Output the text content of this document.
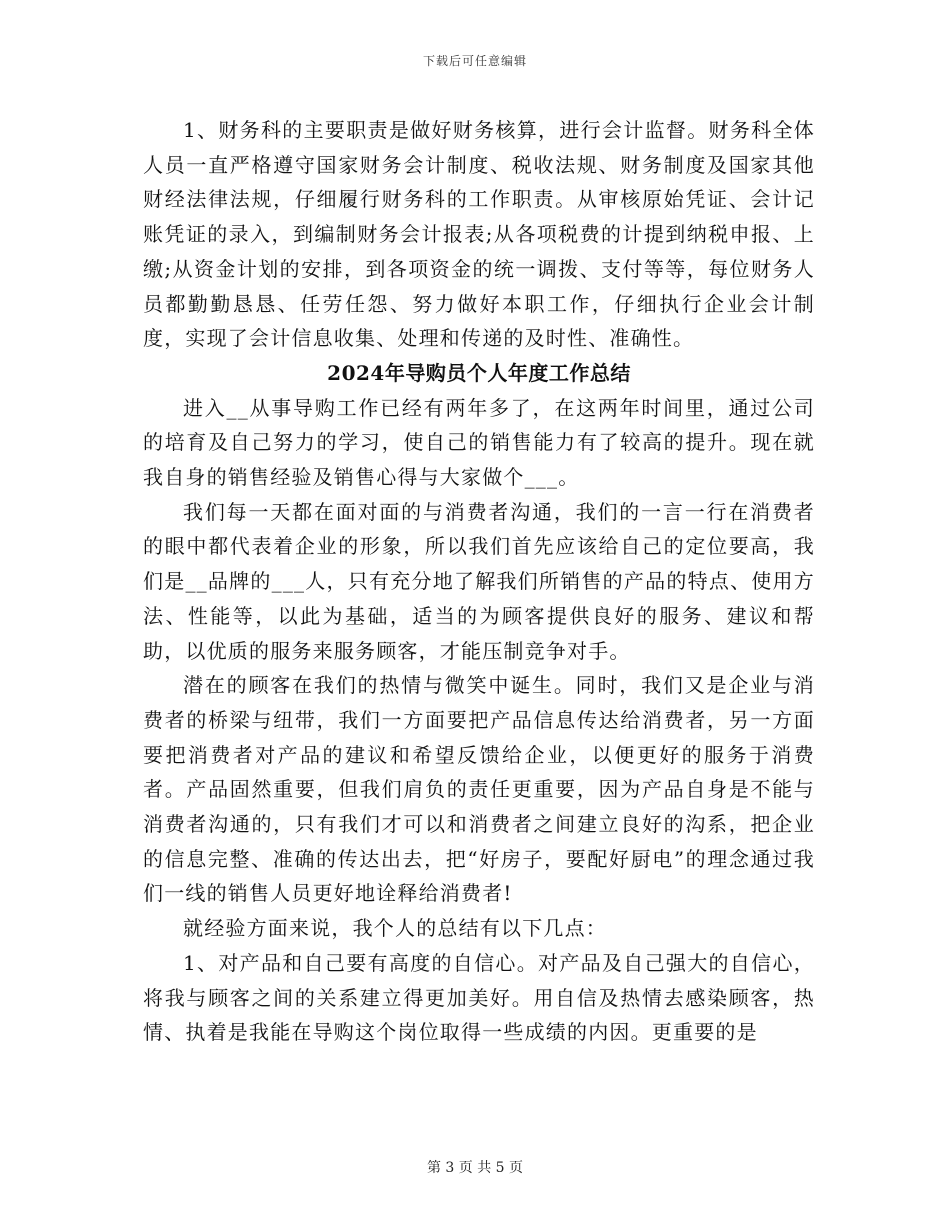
下载后可任意编辑

1、财务科的主要职责是做好财务核算，进行会计监督。财务科全体人员一直严格遵守国家财务会计制度、税收法规、财务制度及国家其他财经法律法规，仔细履行财务科的工作职责。从审核原始凭证、会计记账凭证的录入，到编制财务会计报表;从各项税费的计提到纳税申报、上缴;从资金计划的安排，到各项资金的统一调拨、支付等等，每位财务人员都勤勤恳恳、任劳任怨、努力做好本职工作，仔细执行企业会计制度，实现了会计信息收集、处理和传递的及时性、准确性。

2024年导购员个人年度工作总结

进入__从事导购工作已经有两年多了，在这两年时间里，通过公司的培育及自己努力的学习，使自己的销售能力有了较高的提升。现在就我自身的销售经验及销售心得与大家做个___。

我们每一天都在面对面的与消费者沟通，我们的一言一行在消费者的眼中都代表着企业的形象，所以我们首先应该给自己的定位要高，我们是__品牌的___人，只有充分地了解我们所销售的产品的特点、使用方法、性能等，以此为基础，适当的为顾客提供良好的服务、建议和帮助，以优质的服务来服务顾客，才能压制竞争对手。

潜在的顾客在我们的热情与微笑中诞生。同时，我们又是企业与消费者的桥梁与纽带，我们一方面要把产品信息传达给消费者，另一方面要把消费者对产品的建议和希望反馈给企业，以便更好的服务于消费者。产品固然重要，但我们肩负的责任更重要，因为产品自身是不能与消费者沟通的，只有我们才可以和消费者之间建立良好的沟系，把企业的信息完整、准确的传达出去，把“好房子，要配好厨电”的理念通过我们一线的销售人员更好地诠释给消费者!

就经验方面来说，我个人的总结有以下几点：

1、对产品和自己要有高度的自信心。对产品及自己强大的自信心，将我与顾客之间的关系建立得更加美好。用自信及热情去感染顾客，热情、执着是我能在导购这个岗位取得一些成绩的内因。更重要的是

第 3 页 共 5 页
